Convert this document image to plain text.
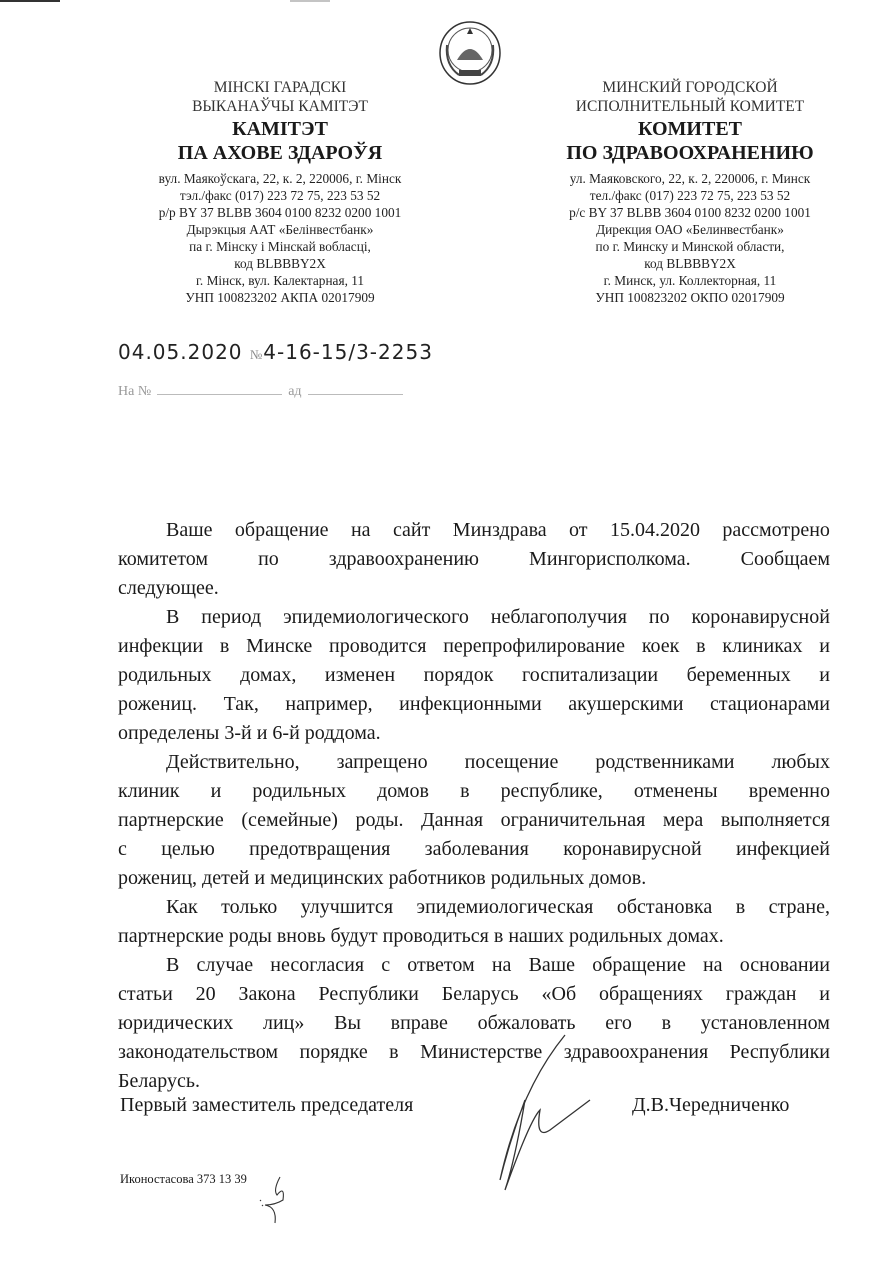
МІНСКІ ГАРАДСКІ
ВЫКАНАЎЧЫ КАМІТЭТ
КАМІТЭТ
ПА АХОВЕ ЗДАРОЎЯ
вул. Маякоўскага, 22, к. 2, 220006, г. Мінск
тэл./факс (017) 223 72 75, 223 53 52
р/р BY 37 BLBB 3604 0100 8232 0200 1001
Дырэкцыя ААТ «Белінвестбанк»
па г. Мінску і Мінскай вобласці,
код BLBBBY2X
г. Мінск, вул. Калектарная, 11
УНП 100823202 АКПА 02017909
МИНСКИЙ ГОРОДСКОЙ
ИСПОЛНИТЕЛЬНЫЙ КОМИТЕТ
КОМИТЕТ
ПО ЗДРАВООХРАНЕНИЮ
ул. Маяковского, 22, к. 2, 220006, г. Минск
тел./факс (017) 223 72 75, 223 53 52
р/с BY 37 BLBB 3604 0100 8232 0200 1001
Дирекция ОАО «Белинвестбанк»
по г. Минску и Минской области,
код BLBBBY2X
г. Минск, ул. Коллекторная, 11
УНП 100823202 ОКПО 02017909
04.05.2020 №4-16-15/3-2253
На №	ад
Ваше обращение на сайт Минздрава от 15.04.2020 рассмотрено
комитетом	по	здравоохранению	Мингорисполкома.	Сообщаем
следующее.
В период эпидемиологического неблагополучия по коронавирусной
инфекции в Минске проводится перепрофилирование коек в клиниках и
родильных домах, изменен порядок госпитализации беременных и
рожениц. Так, например, инфекционными акушерскими стационарами
определены 3-й и 6-й роддома.
Действительно, запрещено посещение родственниками любых
клиник и родильных домов в республике, отменены временно
партнерские (семейные) роды. Данная ограничительная мера выполняется
с целью предотвращения заболевания коронавирусной инфекцией
рожениц, детей и медицинских работников родильных домов.
Как только улучшится эпидемиологическая обстановка в стране,
партнерские роды вновь будут проводиться в наших родильных домах.
В случае несогласия с ответом на Ваше обращение на основании
статьи 20 Закона Республики Беларусь «Об обращениях граждан и
юридических лиц» Вы вправе обжаловать его в установленном
законодательством порядке в Министерстве здравоохранения Республики
Беларусь.
Первый заместитель председателя	Д.В.Чередниченко
Иконостасова 373 13 39
